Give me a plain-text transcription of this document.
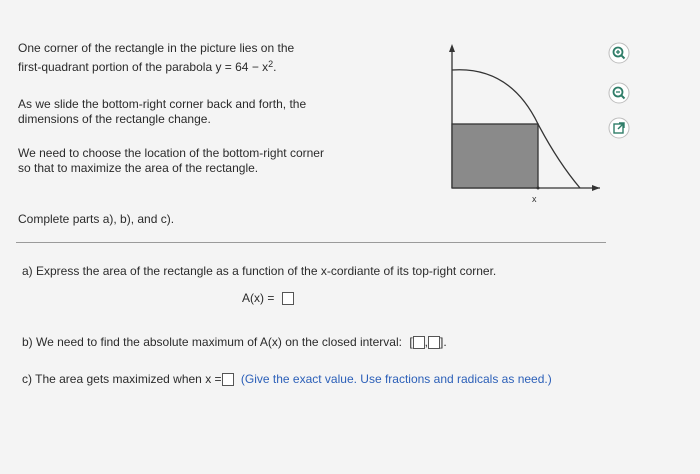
One corner of the rectangle in the picture lies on the
first-quadrant portion of the parabola $y = 64 - x^2$.
As we slide the bottom-right corner back and forth, the
dimensions of the rectangle change.
We need to choose the location of the bottom-right corner
so that to maximize the area of the rectangle.
x
Complete parts a), b), and c).
a) Express the area of the rectangle as a function of the x-cordiante of its top-right corner.
A(x) =
b) We need to find the absolute maximum of A(x) on the closed interval: [ , ].
c) The area gets maximized when x = (Give the exact value. Use fractions and radicals as need.)
